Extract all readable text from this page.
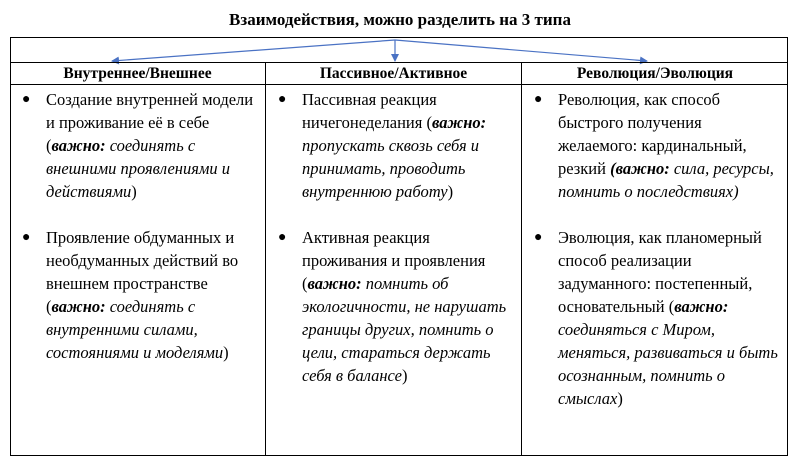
Взаимодействия, можно разделить на 3 типа
Внутреннее/Внешнее	Пассивное/Активное	Революция/Эволюция
● Создание внутренней модели и проживание её в себе (важно: соединять с внешними проявлениями и действиями)
● Проявление обдуманных и необдуманных действий во внешнем пространстве (важно: соединять с внутренними силами, состояниями и моделями)
● Пассивная реакция ничегонеделания (важно: пропускать сквозь себя и принимать, проводить внутреннюю работу)
● Активная реакция проживания и проявления (важно: помнить об экологичности, не нарушать границы других, помнить о цели, стараться держать себя в балансе)
● Революция, как способ быстрого получения желаемого: кардинальный, резкий (важно: сила, ресурсы, помнить о последствиях)
● Эволюция, как планомерный способ реализации задуманного: постепенный, основательный (важно: соединяться с Миром, меняться, развиваться и быть осознанным, помнить о смыслах)
